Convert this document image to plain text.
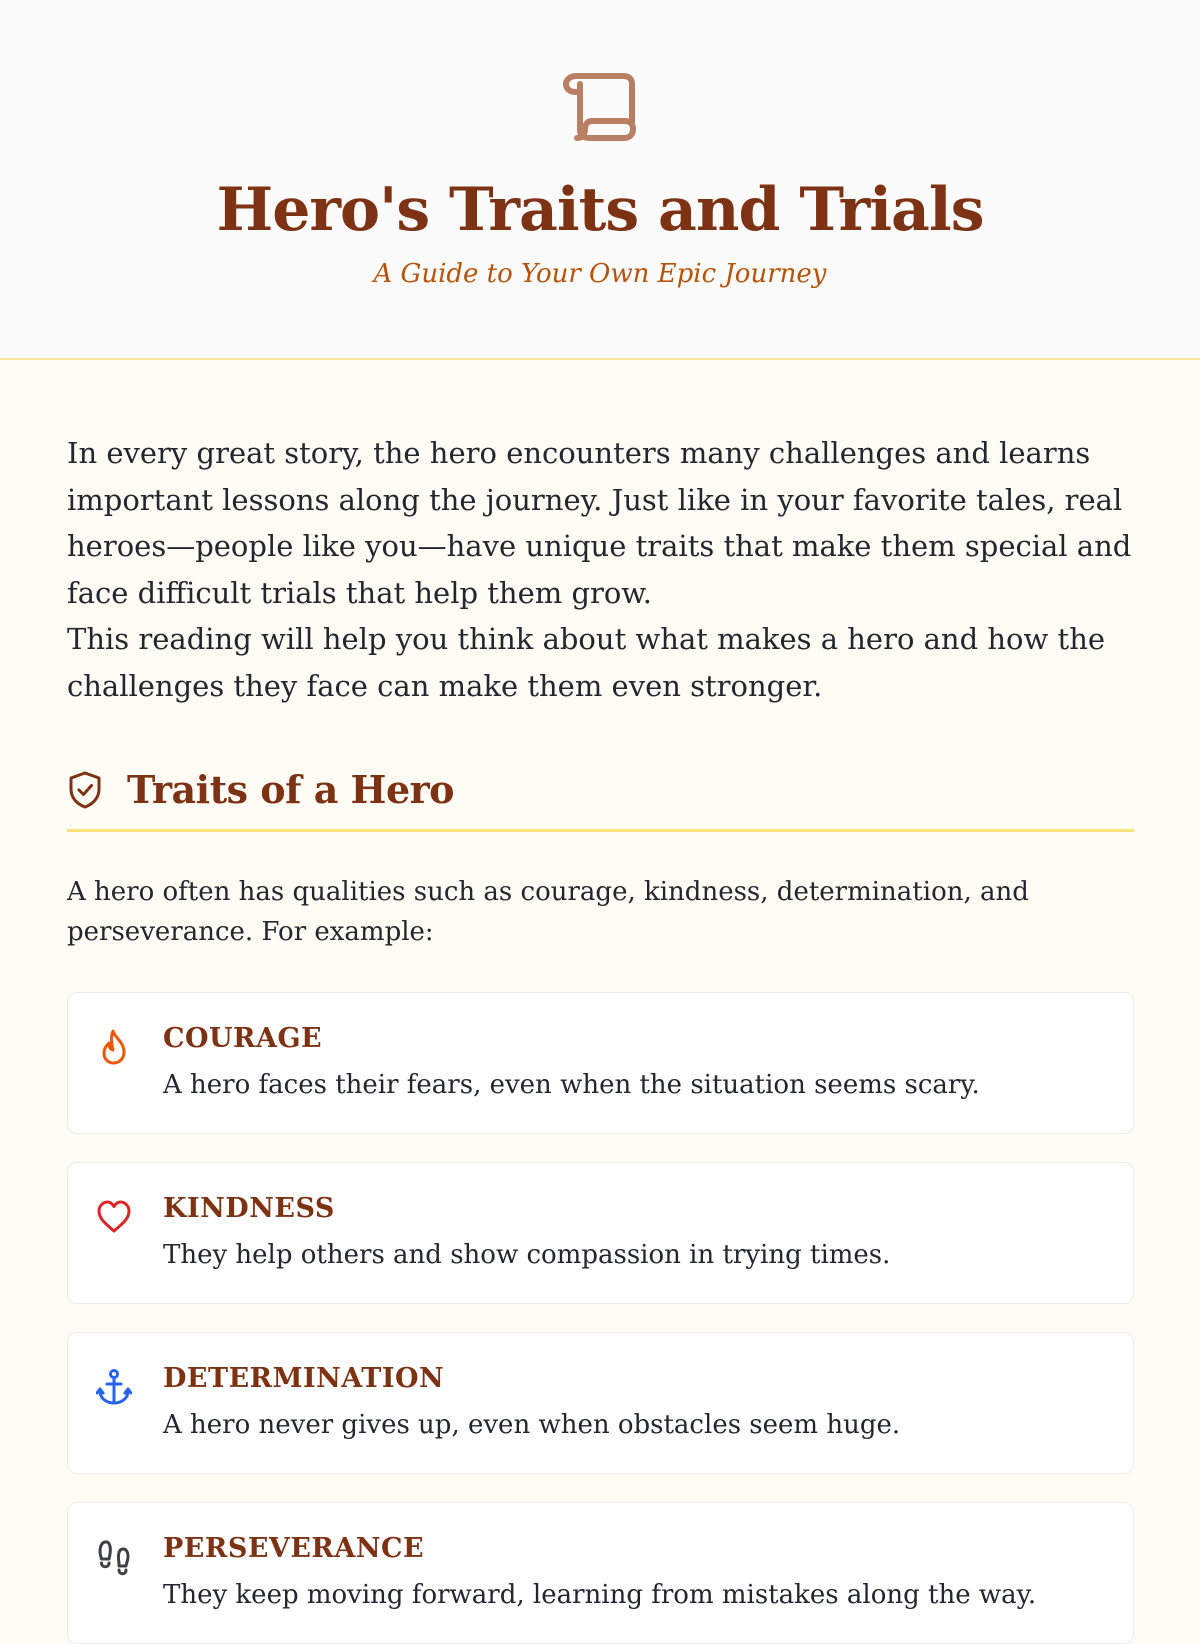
Hero's Traits and Trials

A Guide to Your Own Epic Journey

In every great story, the hero encounters many challenges and learns important lessons along the journey. Just like in your favorite tales, real heroes—people like you—have unique traits that make them special and face difficult trials that help them grow.

This reading will help you think about what makes a hero and how the challenges they face can make them even stronger.

Traits of a Hero

A hero often has qualities such as courage, kindness, determination, and perseverance. For example:

COURAGE

A hero faces their fears, even when the situation seems scary.

KINDNESS

They help others and show compassion in trying times.

DETERMINATION

A hero never gives up, even when obstacles seem huge.

PERSEVERANCE

They keep moving forward, learning from mistakes along the way.
